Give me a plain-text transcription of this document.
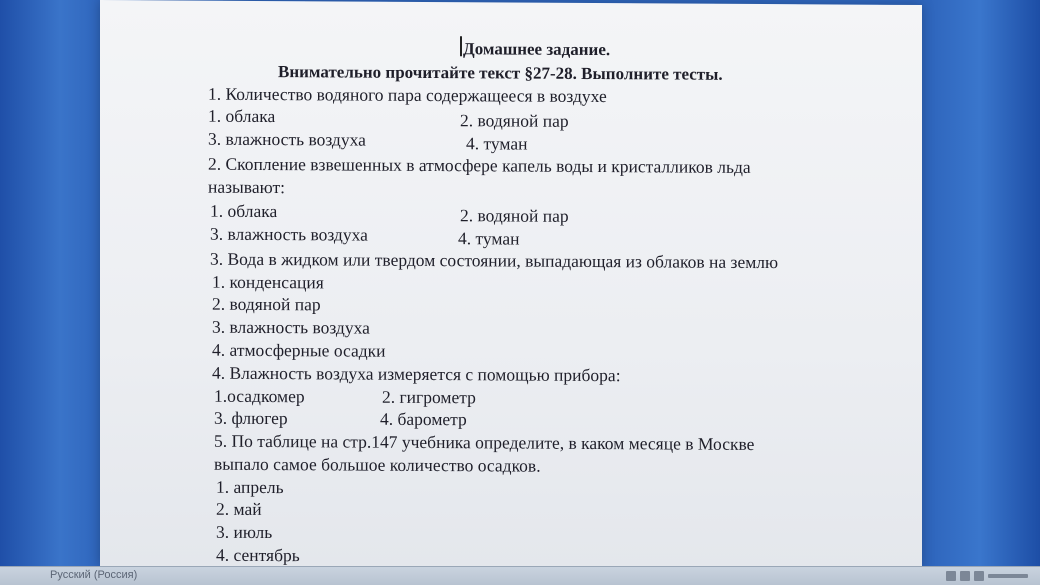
Домашнее задание.
Внимательно прочитайте текст §27-28. Выполните тесты.
1. Количество водяного пара содержащееся в воздухе
1. облака	2. водяной пар
3. влажность воздуха	4. туман
2. Скопление взвешенных в атмосфере капель воды и кристалликов льда
называют:
1. облака	2. водяной пар
3. влажность воздуха	4. туман
3. Вода в жидком или твердом состоянии, выпадающая из облаков на землю
1. конденсация
2. водяной пар
3. влажность воздуха
4. атмосферные осадки
4. Влажность воздуха измеряется с помощью прибора:
1.осадкомер	2. гигрометр
3. флюгер	4. барометр
5. По таблице на стр.147 учебника определите, в каком месяце в Москве
выпало самое большое количество осадков.
1. апрель
2. май
3. июль
4. сентябрь
Русский (Россия)
